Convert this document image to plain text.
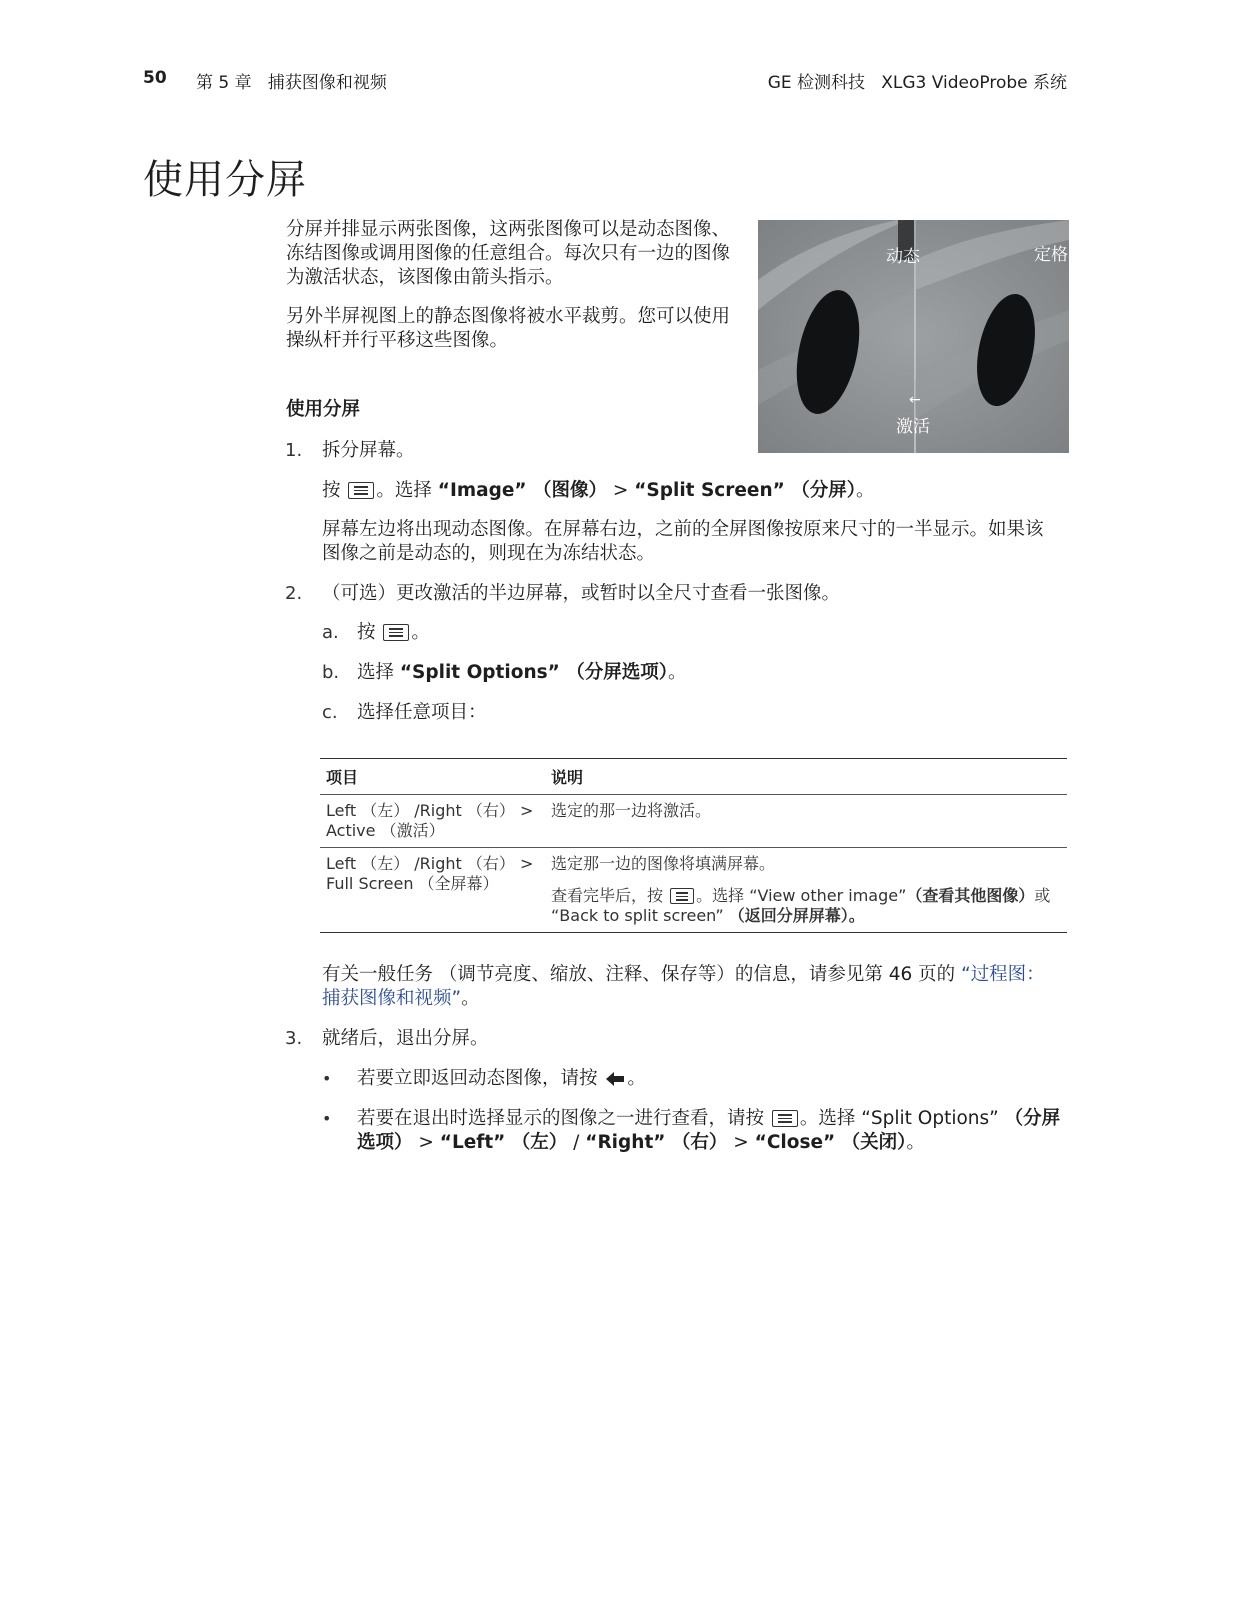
50 第 5 章 捕获图像和视频	GE 检测科技 XLG3 VideoProbe 系统
使用分屏
分屏并排显示两张图像，这两张图像可以是动态图像、冻结图像或调用图像的任意组合。每次只有一边的图像为激活状态，该图像由箭头指示。
另外半屏视图上的静态图像将被水平裁剪。您可以使用操纵杆并行平移这些图像。
动态	定格
←
激活
使用分屏
1. 拆分屏幕。
按 。选择 “Image” （图像） > “Split Screen” （分屏）。
屏幕左边将出现动态图像。在屏幕右边，之前的全屏图像按原来尺寸的一半显示。如果该图像之前是动态的，则现在为冻结状态。
2. （可选）更改激活的半边屏幕，或暂时以全尺寸查看一张图像。
a. 按 。
b. 选择 “Split Options” （分屏选项）。
c. 选择任意项目：
项目	说明
Left （左） /Right （右） > Active （激活）	选定的那一边将激活。
Left （左） /Right （右） > Full Screen （全屏幕）	选定那一边的图像将填满屏幕。
查看完毕后，按 。选择 “View other image”（查看其他图像）或 “Back to split screen” （返回分屏屏幕）。
有关一般任务 （调节亮度、缩放、注释、保存等）的信息，请参见第 46 页的 “过程图：捕获图像和视频”。
3. 就绪后，退出分屏。
• 若要立即返回动态图像，请按 。
• 若要在退出时选择显示的图像之一进行查看，请按 。选择 “Split Options” （分屏选项） > “Left” （左） / “Right” （右） > “Close” （关闭）。
